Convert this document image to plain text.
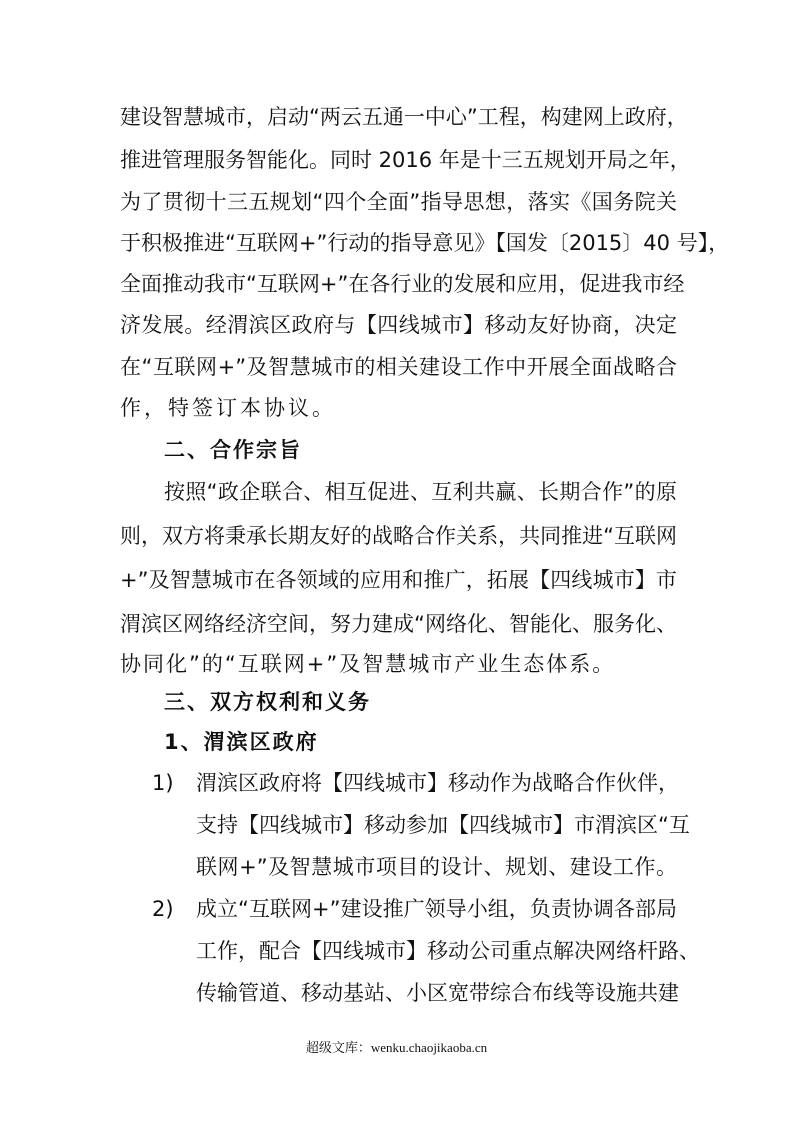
建设智慧城市，启动“两云五通一中心”工程，构建网上政府，
推进管理服务智能化。同时 2016 年是十三五规划开局之年，
为了贯彻十三五规划“四个全面”指导思想，落实《国务院关
于积极推进“互联网+”行动的指导意见》【国发〔2015〕40 号】，
全面推动我市“互联网+”在各行业的发展和应用，促进我市经
济发展。经渭滨区政府与【四线城市】移动友好协商，决定
在“互联网+”及智慧城市的相关建设工作中开展全面战略合
作，特签订本协议。
二、合作宗旨
按照“政企联合、相互促进、互利共赢、长期合作”的原
则，双方将秉承长期友好的战略合作关系，共同推进“互联网
+”及智慧城市在各领域的应用和推广，拓展【四线城市】市
渭滨区网络经济空间，努力建成“网络化、智能化、服务化、
协同化”的“互联网+”及智慧城市产业生态体系。
三、双方权利和义务
1、渭滨区政府
1) 渭滨区政府将【四线城市】移动作为战略合作伙伴，
支持【四线城市】移动参加【四线城市】市渭滨区“互
联网+”及智慧城市项目的设计、规划、建设工作。
2) 成立“互联网+”建设推广领导小组，负责协调各部局
工作，配合【四线城市】移动公司重点解决网络杆路、
传输管道、移动基站、小区宽带综合布线等设施共建
超级文库：wenku.chaojikaoba.cn
